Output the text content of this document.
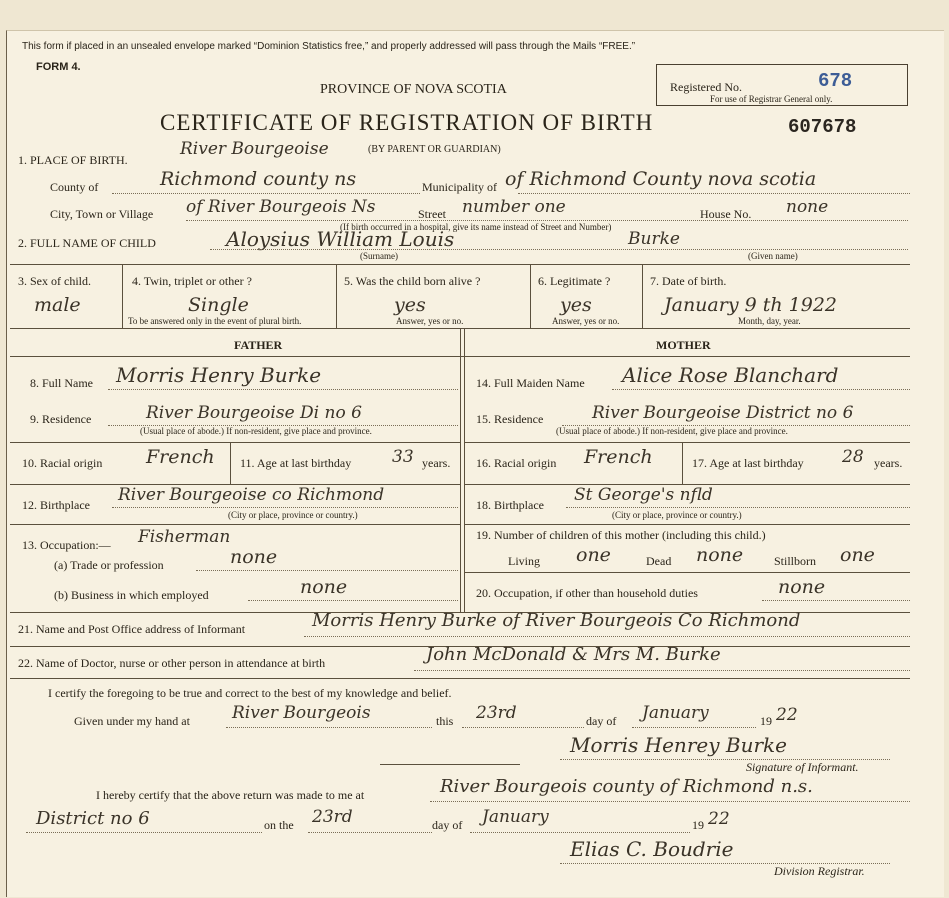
This form if placed in an unsealed envelope marked “Dominion Statistics free,” and properly addressed will pass through the Mails “FREE.”
FORM 4.
PROVINCE OF NOVA SCOTIA
CERTIFICATE OF REGISTRATION OF BIRTH
(BY PARENT OR GUARDIAN)
Registered No.	678
For use of Registrar General only.
607678
1. PLACE OF BIRTH.
River Bourgeoise
County of	Richmond county ns	Municipality of of Richmond County nova scotia
City, Town or Village of River Bourgeois Ns	Street number one	House No. none
(If birth occurred in a hospital, give its name instead of Street and Number)
2. FULL NAME OF CHILD	Aloysius William Louis	Burke
(Surname)	(Given name)
3. Sex of child.
male
4. Twin, triplet or other ?
Single
To be answered only in the event of plural birth.
5. Was the child born alive ?
yes
Answer, yes or no.
6. Legitimate ?
yes
Answer, yes or no.
7. Date of birth.
January 9 th 1922
Month, day, year.
FATHER	MOTHER
8. Full Name Morris Henry Burke
9. Residence	River Bourgeoise Di no 6
(Usual place of abode.) If non-resident, give place and province.
10. Racial origin French 11. Age at last birthday 33 years.
12. Birthplace River Bourgeoise co Richmond
(City or place, province or country.)
13. Occupation:— Fisherman
(a) Trade or profession	none
(b) Business in which employed	none
14. Full Maiden Name Alice Rose Blanchard
15. Residence	River Bourgeoise District no 6
(Usual place of abode.) If non-resident, give place and province.
16. Racial origin French	17. Age at last birthday 28 years.
18. Birthplace St George's nfld
(City or place, province or country.)
19. Number of children of this mother (including this child.)
Living one	Dead none	Stillborn one
20. Occupation, if other than household duties	none
21. Name and Post Office address of Informant	Morris Henry Burke of River Bourgeois Co Richmond
22. Name of Doctor, nurse or other person in attendance at birth	John McDonald & Mrs M. Burke
I certify the foregoing to be true and correct to the best of my knowledge and belief.
Given under my hand at River Bourgeois	this 23rd	day of January	19 22
Morris Henrey Burke
Signature of Informant.
I hereby certify that the above return was made to me at	River Bourgeois county of Richmond n.s.
District no 6	on the 23rd	day of January	19 22
Elias C. Boudrie
Division Registrar.
